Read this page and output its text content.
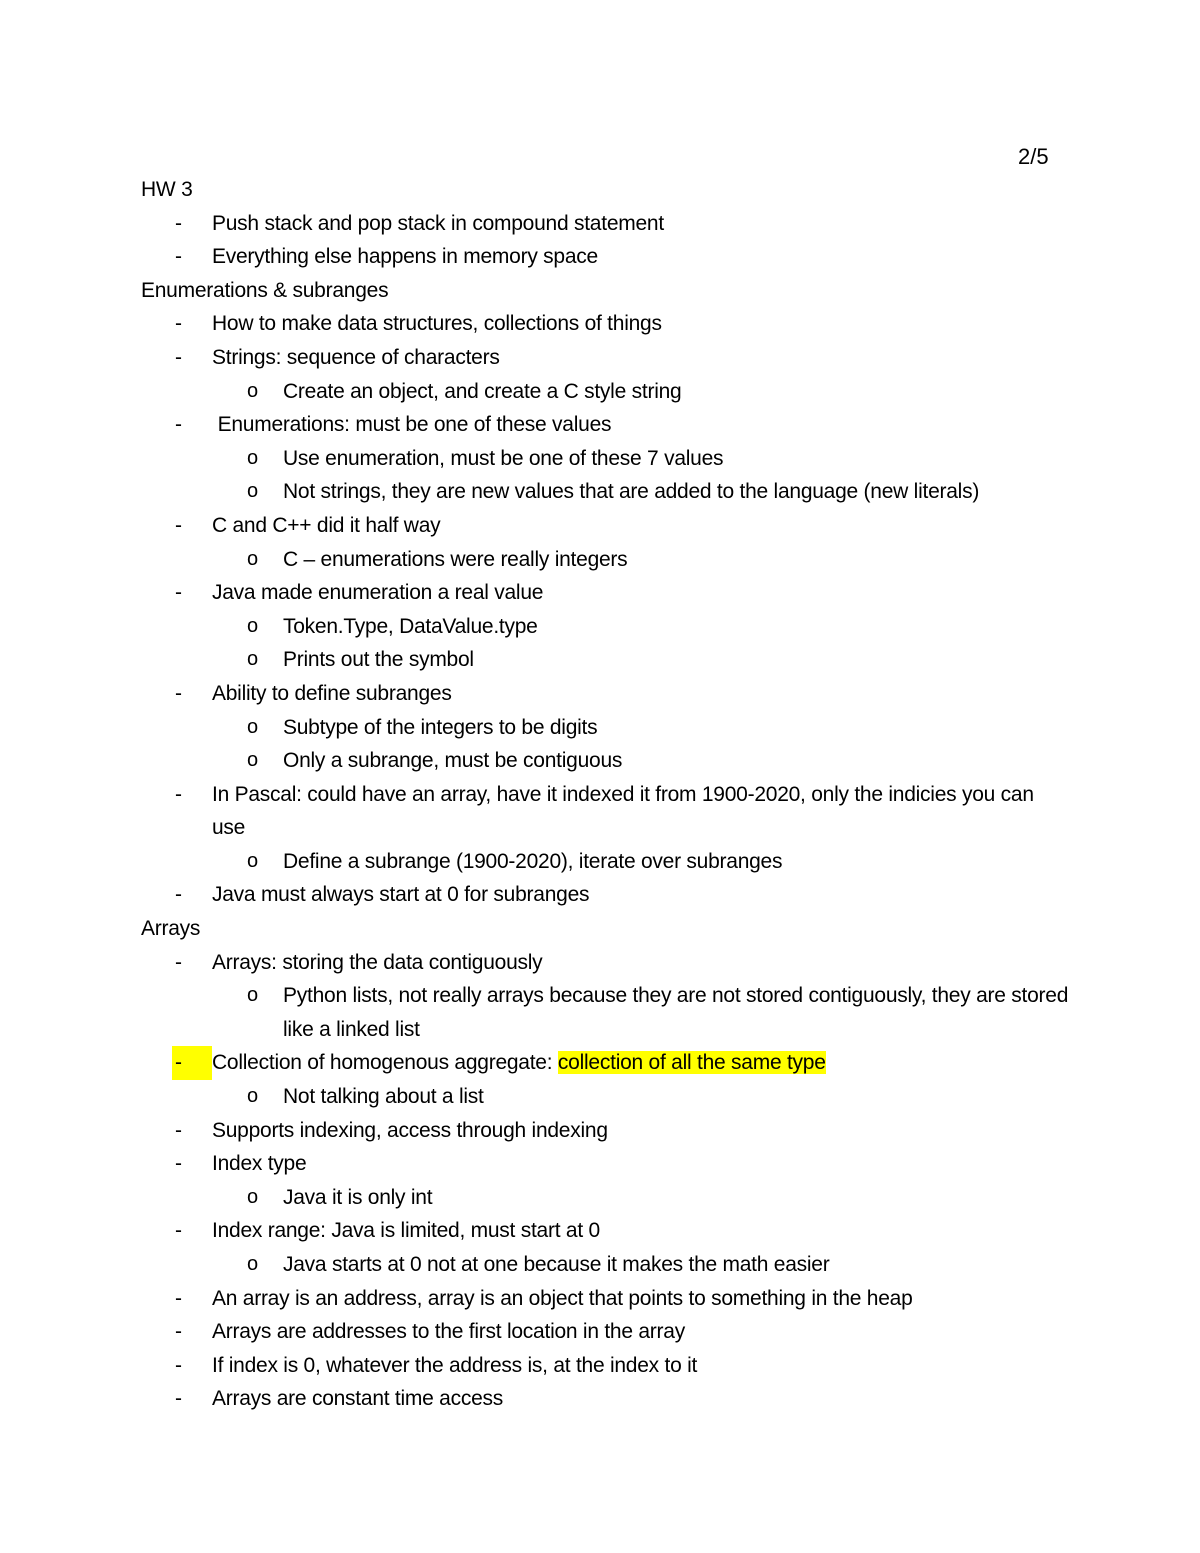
2/5
HW 3
- Push stack and pop stack in compound statement
- Everything else happens in memory space
Enumerations & subranges
- How to make data structures, collections of things
- Strings: sequence of characters
o Create an object, and create a C style string
- Enumerations: must be one of these values
o Use enumeration, must be one of these 7 values
o Not strings, they are new values that are added to the language (new literals)
- C and C++ did it half way
o C – enumerations were really integers
- Java made enumeration a real value
o Token.Type, DataValue.type
o Prints out the symbol
- Ability to define subranges
o Subtype of the integers to be digits
o Only a subrange, must be contiguous
- In Pascal: could have an array, have it indexed it from 1900-2020, only the indicies you can use
o Define a subrange (1900-2020), iterate over subranges
- Java must always start at 0 for subranges
Arrays
- Arrays: storing the data contiguously
o Python lists, not really arrays because they are not stored contiguously, they are stored like a linked list
-	Collection of homogenous aggregate: collection of all the same type
o Not talking about a list
- Supports indexing, access through indexing
- Index type
o Java it is only int
- Index range: Java is limited, must start at 0
o Java starts at 0 not at one because it makes the math easier
- An array is an address, array is an object that points to something in the heap
- Arrays are addresses to the first location in the array
- If index is 0, whatever the address is, at the index to it
- Arrays are constant time access
